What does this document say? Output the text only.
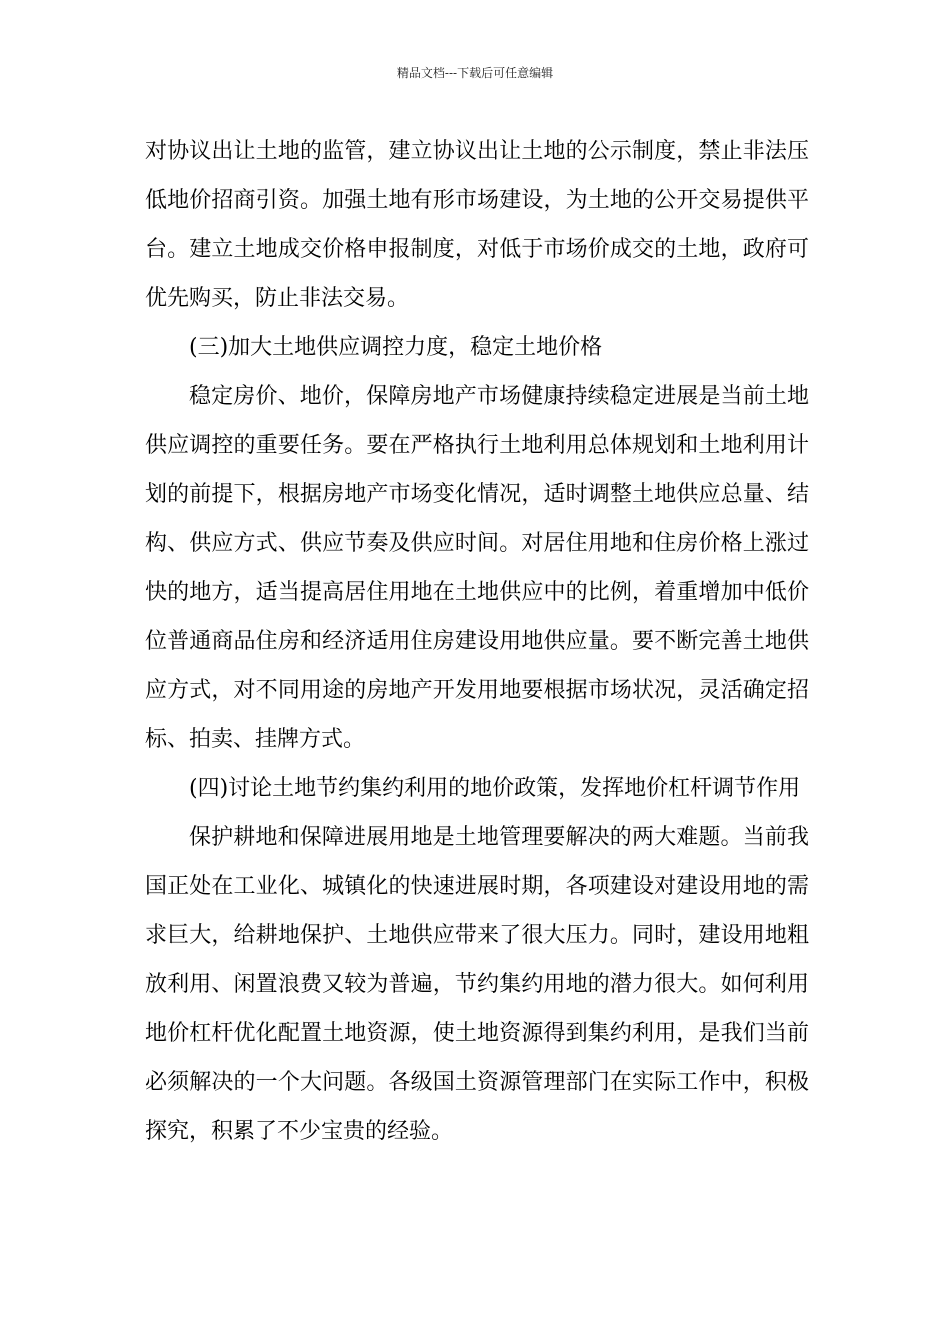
精品文档---下载后可任意编辑

对协议出让土地的监管，建立协议出让土地的公示制度，禁止非法压低地价招商引资。加强土地有形市场建设，为土地的公开交易提供平台。建立土地成交价格申报制度，对低于市场价成交的土地，政府可优先购买，防止非法交易。

(三)加大土地供应调控力度，稳定土地价格

稳定房价、地价，保障房地产市场健康持续稳定进展是当前土地供应调控的重要任务。要在严格执行土地利用总体规划和土地利用计划的前提下，根据房地产市场变化情况，适时调整土地供应总量、结构、供应方式、供应节奏及供应时间。对居住用地和住房价格上涨过快的地方，适当提高居住用地在土地供应中的比例，着重增加中低价位普通商品住房和经济适用住房建设用地供应量。要不断完善土地供应方式，对不同用途的房地产开发用地要根据市场状况，灵活确定招标、拍卖、挂牌方式。

(四)讨论土地节约集约利用的地价政策，发挥地价杠杆调节作用

保护耕地和保障进展用地是土地管理要解决的两大难题。当前我国正处在工业化、城镇化的快速进展时期，各项建设对建设用地的需求巨大，给耕地保护、土地供应带来了很大压力。同时，建设用地粗放利用、闲置浪费又较为普遍，节约集约用地的潜力很大。如何利用地价杠杆优化配置土地资源，使土地资源得到集约利用，是我们当前必须解决的一个大问题。各级国土资源管理部门在实际工作中，积极探究，积累了不少宝贵的经验。
